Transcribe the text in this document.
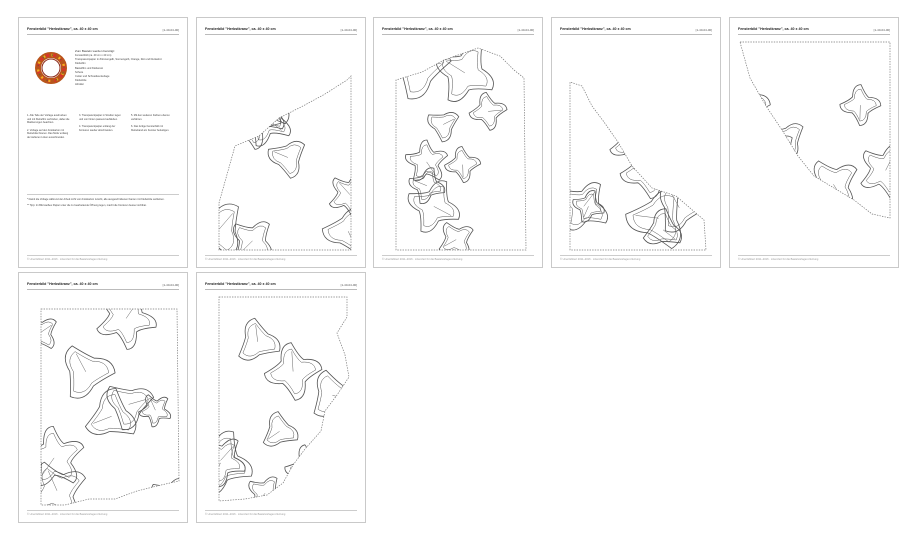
Fensterbild "Herbstkranz", ca. 40 x 40 cm	[1-40-04-00]
Zum Basteln werden benötigt:
Fensterbild (ca. 40 cm x 40 cm)
Transparentpapier in Zitronengelb, Sonnengelb, Orange, Rot und Dunkelrot
Klebefilm
Bastelfilm und Kleberest
Schere
Cutter und Schneideunterlage
Klebefolie
Abroller

1. Alle Teile der Vorlage ausdrucken und mit Klebefilm verbinden, dabei die Markierungen beachten.

2. Vorlage auf den Fotokarton mit Klebefolie fixieren. Das Motiv entlang der äußeren Linien ausschneiden.

3. Transparentpapier in Streifen legen und von hinten passend aufkleben.

4. Transparentpapier entlang der Konturen sauber abschneiden.

5. Mit den weiteren Farben ebenso verfahren.

6. Das fertige Fensterbild mit Klebeband am Fenster befestigen.

* Damit die Vorlage während der Arbeit nicht vom Fotokarton rutscht, alle ausgeschnittenen Kanten mit Klebefolie verkleben.

** Tipp: Im Bild weißes Papier unter die zu bearbeitende Öffnung legen, macht die Konturen besser sichtbar.

© Ursel Ebbert 2011–2016 · Lizenziert für die Bastelvorlagen-Nutzung
Fensterbild "Herbstkranz", ca. 40 x 40 cm	[1-40-04-00]
© Ursel Ebbert 2011–2016 · Lizenziert für die Bastelvorlagen-Nutzung
Fensterbild "Herbstkranz", ca. 40 x 40 cm	[1-40-04-00]
© Ursel Ebbert 2011–2016 · Lizenziert für die Bastelvorlagen-Nutzung
Fensterbild "Herbstkranz", ca. 40 x 40 cm	[1-40-04-00]
© Ursel Ebbert 2011–2016 · Lizenziert für die Bastelvorlagen-Nutzung
Fensterbild "Herbstkranz", ca. 40 x 40 cm	[1-40-04-00]
© Ursel Ebbert 2011–2016 · Lizenziert für die Bastelvorlagen-Nutzung
Fensterbild "Herbstkranz", ca. 40 x 40 cm	[1-40-04-00]
© Ursel Ebbert 2011–2016 · Lizenziert für die Bastelvorlagen-Nutzung
Fensterbild "Herbstkranz", ca. 40 x 40 cm	[1-40-04-00]
© Ursel Ebbert 2011–2016 · Lizenziert für die Bastelvorlagen-Nutzung
